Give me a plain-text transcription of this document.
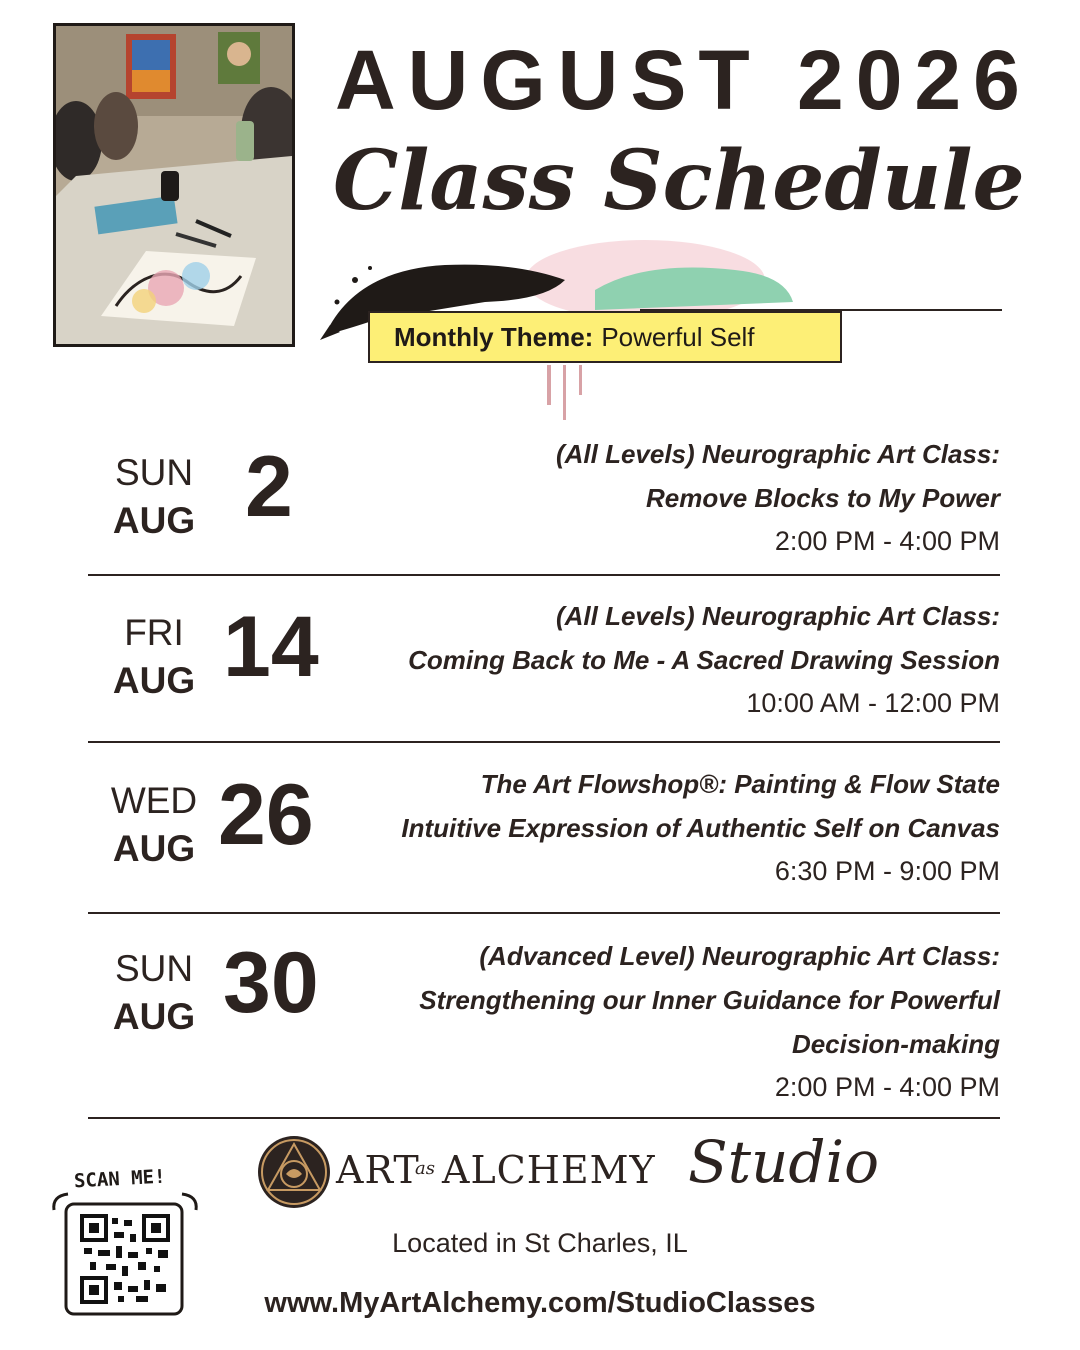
AUGUST 2026
Class Schedule
Monthly Theme: Powerful Self
SUN
AUG 2	(All Levels) Neurographic Art Class:
Remove Blocks to My Power
2:00 PM - 4:00 PM
FRI
AUG 14	(All Levels) Neurographic Art Class:
Coming Back to Me - A Sacred Drawing Session
10:00 AM - 12:00 PM
WED
AUG 26	The Art Flowshop®: Painting & Flow State
Intuitive Expression of Authentic Self on Canvas
6:30 PM - 9:00 PM
SUN
AUG 30	(Advanced Level) Neurographic Art Class:
Strengthening our Inner Guidance for Powerful
Decision-making
2:00 PM - 4:00 PM
SCAN ME!	ART
as ALCHEMY Studio
Located in St Charles, IL
www.MyArtAlchemy.com/StudioClasses
